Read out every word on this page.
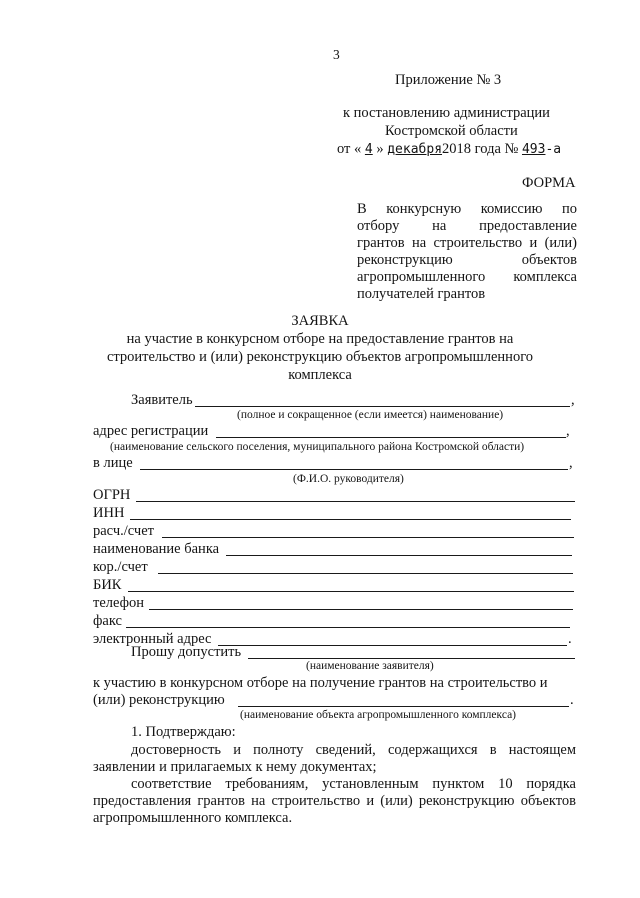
3
Приложение № 3
к постановлению администрации
Костромской области
от « 4 » декабря2018 года № 493-а
ФОРМА
В конкурсную комиссию по
отбору на предоставление
грантов на строительство и (или)
реконструкцию объектов
агропромышленного комплекса
получателей грантов
ЗАЯВКА
на участие в конкурсном отборе на предоставление грантов на
строительство и (или) реконструкцию объектов агропромышленного
комплекса
Заявитель	,
(полное и сокращенное (если имеется) наименование)
адрес регистрации	,
(наименование сельского поселения, муниципального района Костромской области)
в лице	,
(Ф.И.О. руководителя)
ОГРН
ИНН
расч./счет
наименование банка
кор./счет
БИК
телефон
факс
электронный адрес	.
Прошу допустить
(наименование заявителя)
к участию в конкурсном отборе на получение грантов на строительство и
(или) реконструкцию	.
(наименование объекта агропромышленного комплекса)
1. Подтверждаю:
достоверность и полноту сведений, содержащихся в настоящем
заявлении и прилагаемых к нему документах;
соответствие требованиям, установленным пунктом 10 порядка
предоставления грантов на строительство и (или) реконструкцию объектов
агропромышленного комплекса.
